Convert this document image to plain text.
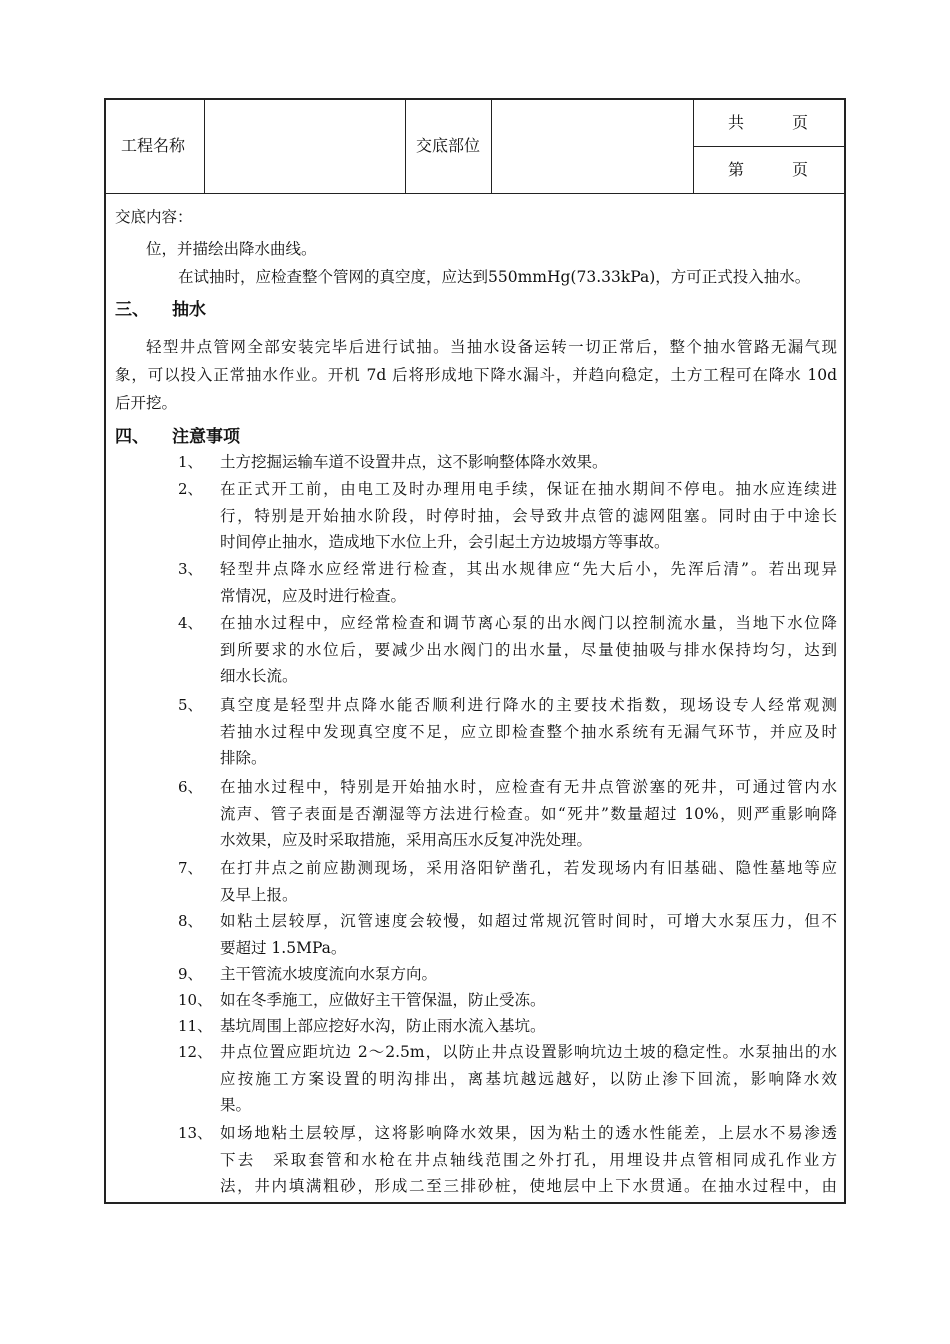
工程名称	交底部位
共　　　页
第　　　页
交底内容：
位，并描绘出降水曲线。
在试抽时，应检查整个管网的真空度，应达到550mmHg(73.33kPa)，方可正式投入抽水。
三、 抽水
轻型井点管网全部安装完毕后进行试抽。当抽水设备运转一切正常后，整个抽水管路无漏气现
象，可以投入正常抽水作业。开机 7d 后将形成地下降水漏斗，并趋向稳定，土方工程可在降水 10d
后开挖。
四、 注意事项
1、 土方挖掘运输车道不设置井点，这不影响整体降水效果。
2、 在正式开工前，由电工及时办理用电手续，保证在抽水期间不停电。抽水应连续进
行，特别是开始抽水阶段，时停时抽，会导致井点管的滤网阻塞。同时由于中途长
时间停止抽水，造成地下水位上升，会引起土方边坡塌方等事故。
3、 轻型井点降水应经常进行检查，其出水规律应“先大后小，先浑后清”。若出现异
常情况，应及时进行检查。
4、 在抽水过程中，应经常检查和调节离心泵的出水阀门以控制流水量，当地下水位降
到所要求的水位后，要减少出水阀门的出水量，尽量使抽吸与排水保持均匀，达到
细水长流。
5、 真空度是轻型井点降水能否顺利进行降水的主要技术指数，现场设专人经常观测
若抽水过程中发现真空度不足，应立即检查整个抽水系统有无漏气环节，并应及时
排除。
6、 在抽水过程中，特别是开始抽水时，应检查有无井点管淤塞的死井，可通过管内水
流声、管子表面是否潮湿等方法进行检查。如“死井”数量超过 10%，则严重影响降
水效果，应及时采取措施，采用高压水反复冲洗处理。
7、 在打井点之前应勘测现场，采用洛阳铲凿孔，若发现场内有旧基础、隐性墓地等应
及早上报。
8、 如粘土层较厚，沉管速度会较慢，如超过常规沉管时间时，可增大水泵压力，但不
要超过 1.5MPa。
9、 主干管流水坡度流向水泵方向。
10、 如在冬季施工，应做好主干管保温，防止受冻。
11、 基坑周围上部应挖好水沟，防止雨水流入基坑。
12、 井点位置应距坑边 2～2.5m，以防止井点设置影响坑边土坡的稳定性。水泵抽出的水
应按施工方案设置的明沟排出，离基坑越远越好，以防止渗下回流，影响降水效
果。
13、 如场地粘土层较厚，这将影响降水效果，因为粘土的透水性能差，上层水不易渗透
下去　采取套管和水枪在井点轴线范围之外打孔，用埋设井点管相同成孔作业方
法，井内填满粗砂，形成二至三排砂桩，使地层中上下水贯通。在抽水过程中，由
